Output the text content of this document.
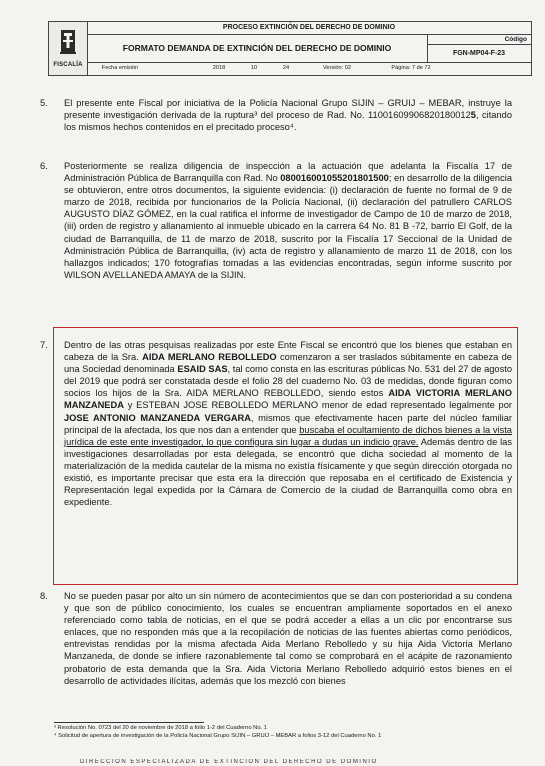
FISCALÍA
PROCESO EXTINCIÓN DEL DERECHO DE DOMINIO
FORMATO DEMANDA DE EXTINCIÓN DEL DERECHO DE DOMINIO
Código
FGN-MP04-F-23
Fecha emisión	2018	10	24	Versión: 02	Página: 7 de 72
5. El presente ente Fiscal por iniciativa de la Policía Nacional Grupo SIJIN – GRUIJ – MEBAR, instruye la presente investigación derivada de la ruptura³ del proceso de Rad. No. 110016099068201800125, citando los mismos hechos contenidos en el precitado proceso⁴.
6. Posteriormente se realiza diligencia de inspección a la actuación que adelanta la Fiscalía 17 de Administración Pública de Barranquilla con Rad. No 080016001055201801500; en desarrollo de la diligencia se obtuvieron, entre otros documentos, la siguiente evidencia: (i) declaración de fuente no formal de 9 de marzo de 2018, recibida por funcionarios de la Policía Nacional, (ii) declaración del patrullero CARLOS AUGUSTO DÍAZ GÓMEZ, en la cual ratifica el informe de investigador de Campo de 10 de marzo de 2018, (iii) orden de registro y allanamiento al inmueble ubicado en la carrera 64 No. 81 B -72, barrio El Golf, de la ciudad de Barranquilla, de 11 de marzo de 2018, suscrito por la Fiscalía 17 Seccional de la Unidad de Administración Pública de Barranquilla, (iv) acta de registro y allanamiento de marzo 11 de 2018, con los hallazgos indicados; 170 fotografías tomadas a las evidencias encontradas, según informe suscrito por WILSON AVELLANEDA AMAYA de la SIJIN.
7. Dentro de las otras pesquisas realizadas por este Ente Fiscal se encontró que los bienes que estaban en cabeza de la Sra. AIDA MERLANO REBOLLEDO comenzaron a ser traslados súbitamente en cabeza de una Sociedad denominada ESAID SAS, tal como consta en las escrituras públicas No. 531 del 27 de agosto del 2019 que podrá ser constatada desde el folio 28 del cuaderno No. 03 de medidas, donde figuran como socios los hijos de la Sra. AIDA MERLANO REBOLLEDO, siendo estos AIDA VICTORIA MERLANO MANZANEDA y ESTEBAN JOSE REBOLLEDO MERLANO menor de edad representado legalmente por JOSE ANTONIO MANZANEDA VERGARA, mismos que efectivamente hacen parte del núcleo familiar principal de la afectada, los que nos dan a entender que buscaba el ocultamiento de dichos bienes a la vista jurídica de este ente investigador, lo que configura sin lugar a dudas un indicio grave. Además dentro de las investigaciones desarrolladas por esta delegada, se encontró que dicha sociedad al momento de la materialización de la medida cautelar de la misma no existía físicamente y que según dirección otorgada no existió, es importante precisar que esta era la dirección que reposaba en el certificado de Existencia y Representación legal expedida por la Cámara de Comercio de la ciudad de Barranquilla como obra en expediente.
8. No se pueden pasar por alto un sin número de acontecimientos que se dan con posterioridad a su condena y que son de público conocimiento, los cuales se encuentran ampliamente soportados en el anexo referenciado como tabla de noticias, en el que se podrá acceder a ellas a un clic por encontrarse sus enlaces, que no responden más que a la recopilación de noticias de las fuentes abiertas como periódicos, entrevistas rendidas por la misma afectada Aida Merlano Rebolledo y su hija Aida Victoria Merlano Manzaneda, de donde se infiere razonablemente tal como se comprobará en el acápite de razonamiento probatorio de esta demanda que la Sra. Aida Victoria Merlano Rebolledo adquirió estos bienes en el desarrollo de actividades ilícitas, además que los mezcló con bienes
³ Resolución No. 0723 del 20 de noviembre de 2018 a folio 1-2 del Cuaderno No. 1
⁴ Solicitud de apertura de investigación de la Policía Nacional Grupo SIJIN – GRUIJ – MEBAR a folios 3-12 del Cuaderno No. 1
DIRECCIÓN ESPECIALIZADA DE EXTINCIÓN DEL DERECHO DE DOMINIO
